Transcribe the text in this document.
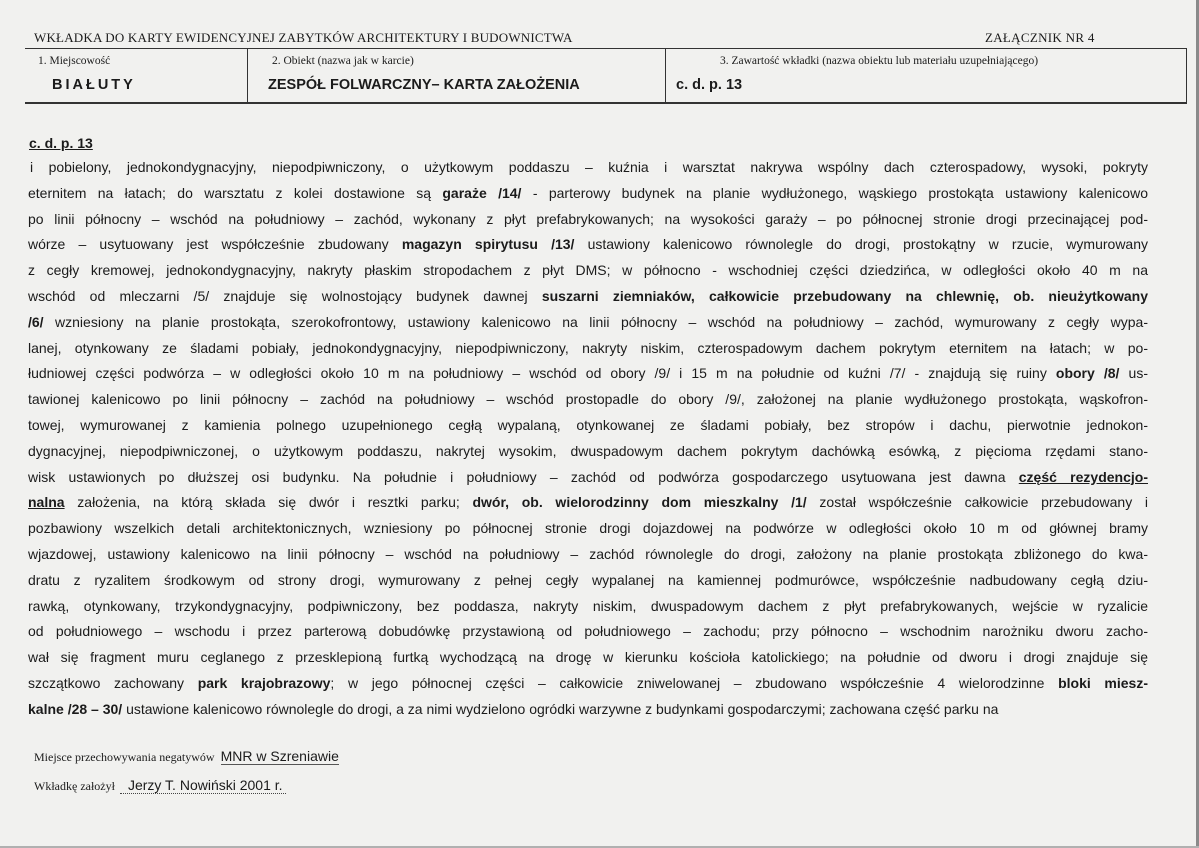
WKŁADKA DO KARTY EWIDENCYJNEJ ZABYTKÓW ARCHITEKTURY I BUDOWNICTWA	ZAŁĄCZNIK NR 4
1. Miejscowość
BIAŁUTY
2. Obiekt (nazwa jak w karcie)
ZESPÓŁ FOLWARCZNY– KARTA ZAŁOŻENIA
3. Zawartość wkładki (nazwa obiektu lub materiału uzupełniającego)
c. d. p. 13
c. d. p. 13
i pobielony, jednokondygnacyjny, niepodpiwniczony, o użytkowym poddaszu – kuźnia i warsztat nakrywa wspólny dach czterospadowy, wysoki, pokryty
eternitem na łatach; do warsztatu z kolei dostawione są garaże /14/ - parterowy budynek na planie wydłużonego, wąskiego prostokąta ustawiony kalenicowo
po linii północny – wschód na południowy – zachód, wykonany z płyt prefabrykowanych; na wysokości garaży – po północnej stronie drogi przecinającej pod-
wórze – usytuowany jest współcześnie zbudowany magazyn spirytusu /13/ ustawiony kalenicowo równolegle do drogi, prostokątny w rzucie, wymurowany
z cegły kremowej, jednokondygnacyjny, nakryty płaskim stropodachem z płyt DMS; w północno - wschodniej części dziedzińca, w odległości około 40 m na
wschód od mleczarni /5/ znajduje się wolnostojący budynek dawnej suszarni ziemniaków, całkowicie przebudowany na chlewnię, ob. nieużytkowany
/6/ wzniesiony na planie prostokąta, szerokofrontowy, ustawiony kalenicowo na linii północny – wschód na południowy – zachód, wymurowany z cegły wypa-
lanej, otynkowany ze śladami pobiały, jednokondygnacyjny, niepodpiwniczony, nakryty niskim, czterospadowym dachem pokrytym eternitem na łatach; w po-
łudniowej części podwórza – w odległości około 10 m na południowy – wschód od obory /9/ i 15 m na południe od kuźni /7/ - znajdują się ruiny obory /8/ us-
tawionej kalenicowo po linii północny – zachód na południowy – wschód prostopadle do obory /9/, założonej na planie wydłużonego prostokąta, wąskofron-
towej, wymurowanej z kamienia polnego uzupełnionego cegłą wypalaną, otynkowanej ze śladami pobiały, bez stropów i dachu, pierwotnie jednokon-
dygnacyjnej, niepodpiwniczonej, o użytkowym poddaszu, nakrytej wysokim, dwuspadowym dachem pokrytym dachówką esówką, z pięcioma rzędami stano-
wisk ustawionych po dłuższej osi budynku. Na południe i południowy – zachód od podwórza gospodarczego usytuowana jest dawna część rezydencjo-
nalna założenia, na którą składa się dwór i resztki parku; dwór, ob. wielorodzinny dom mieszkalny /1/ został współcześnie całkowicie przebudowany i
pozbawiony wszelkich detali architektonicznych, wzniesiony po północnej stronie drogi dojazdowej na podwórze w odległości około 10 m od głównej bramy
wjazdowej, ustawiony kalenicowo na linii północny – wschód na południowy – zachód równolegle do drogi, założony na planie prostokąta zbliżonego do kwa-
dratu z ryzalitem środkowym od strony drogi, wymurowany z pełnej cegły wypalanej na kamiennej podmurówce, współcześnie nadbudowany cegłą dziu-
rawką, otynkowany, trzykondygnacyjny, podpiwniczony, bez poddasza, nakryty niskim, dwuspadowym dachem z płyt prefabrykowanych, wejście w ryzalicie
od południowego – wschodu i przez parterową dobudówkę przystawioną od południowego – zachodu; przy północno – wschodnim narożniku dworu zacho-
wał się fragment muru ceglanego z przesklepioną furtką wychodzącą na drogę w kierunku kościoła katolickiego; na południe od dworu i drogi znajduje się
szczątkowo zachowany park krajobrazowy; w jego północnej części – całkowicie zniwelowanej – zbudowano współcześnie 4 wielorodzinne bloki miesz-
kalne /28 – 30/ ustawione kalenicowo równolegle do drogi, a za nimi wydzielono ogródki warzywne z budynkami gospodarczymi; zachowana część parku na
Miejsce przechowywania negatywów MNR w Szreniawie
Wkładkę założył Jerzy T. Nowiński 2001 r.
